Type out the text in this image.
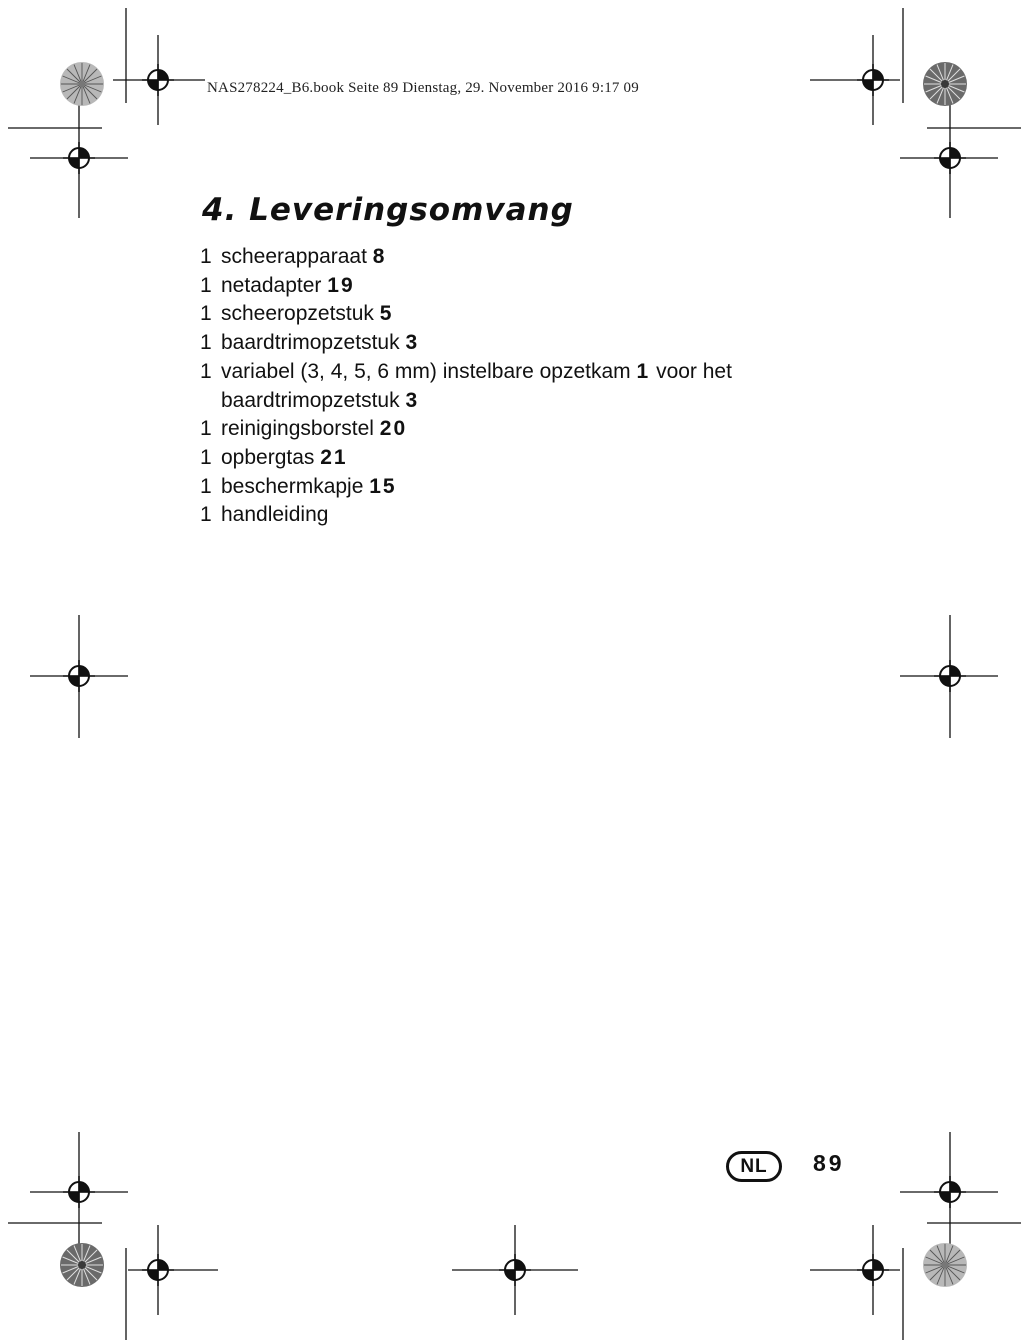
NAS278224_B6.book Seite 89 Dienstag, 29. November 2016 9:17 09
4. Leveringsomvang
1 scheerapparaat 8
1 netadapter 19
1 scheeropzetstuk 5
1 baardtrimopzetstuk 3
1 variabel (3, 4, 5, 6 mm) instelbare opzetkam 1 voor het
baardtrimopzetstuk 3
1 reinigingsborstel 20
1 opbergtas 21
1 beschermkapje 15
1 handleiding
NL	89
